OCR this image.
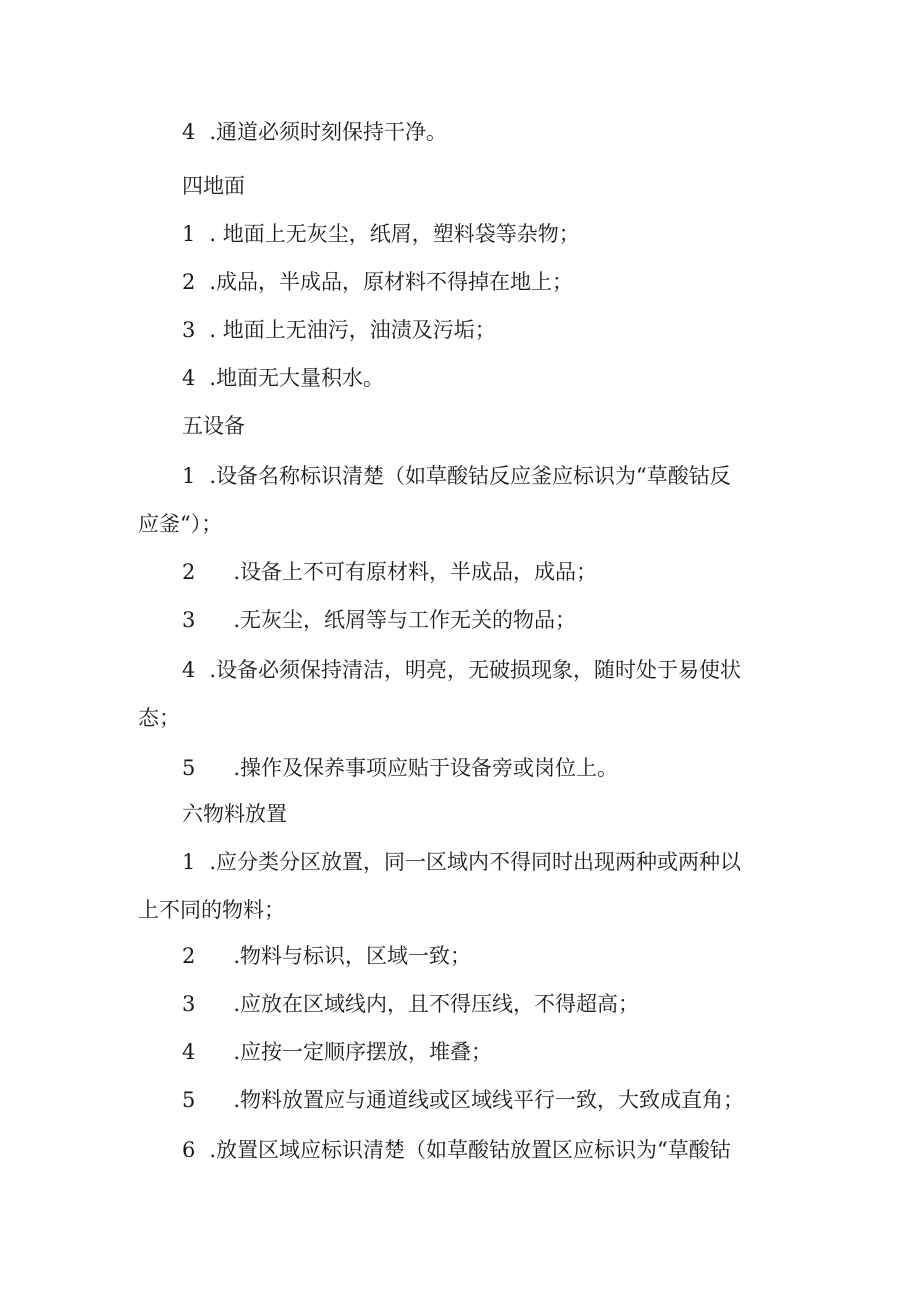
4 .通道必须时刻保持干净。
四地面
1 . 地面上无灰尘，纸屑，塑料袋等杂物；
2 .成品，半成品，原材料不得掉在地上；
3 . 地面上无油污，油渍及污垢；
4 .地面无大量积水。
五设备
1 .设备名称标识清楚（如草酸钴反应釜应标识为“草酸钴反
应釜“）；
2 .设备上不可有原材料，半成品，成品；
3 .无灰尘，纸屑等与工作无关的物品；
4 .设备必须保持清洁，明亮，无破损现象，随时处于易使状
态；
5 .操作及保养事项应贴于设备旁或岗位上。
六物料放置
1 .应分类分区放置，同一区域内不得同时出现两种或两种以
上不同的物料；
2 .物料与标识，区域一致；
3 .应放在区域线内，且不得压线，不得超高；
4 .应按一定顺序摆放，堆叠；
5 .物料放置应与通道线或区域线平行一致，大致成直角；
6 .放置区域应标识清楚（如草酸钴放置区应标识为“草酸钴
